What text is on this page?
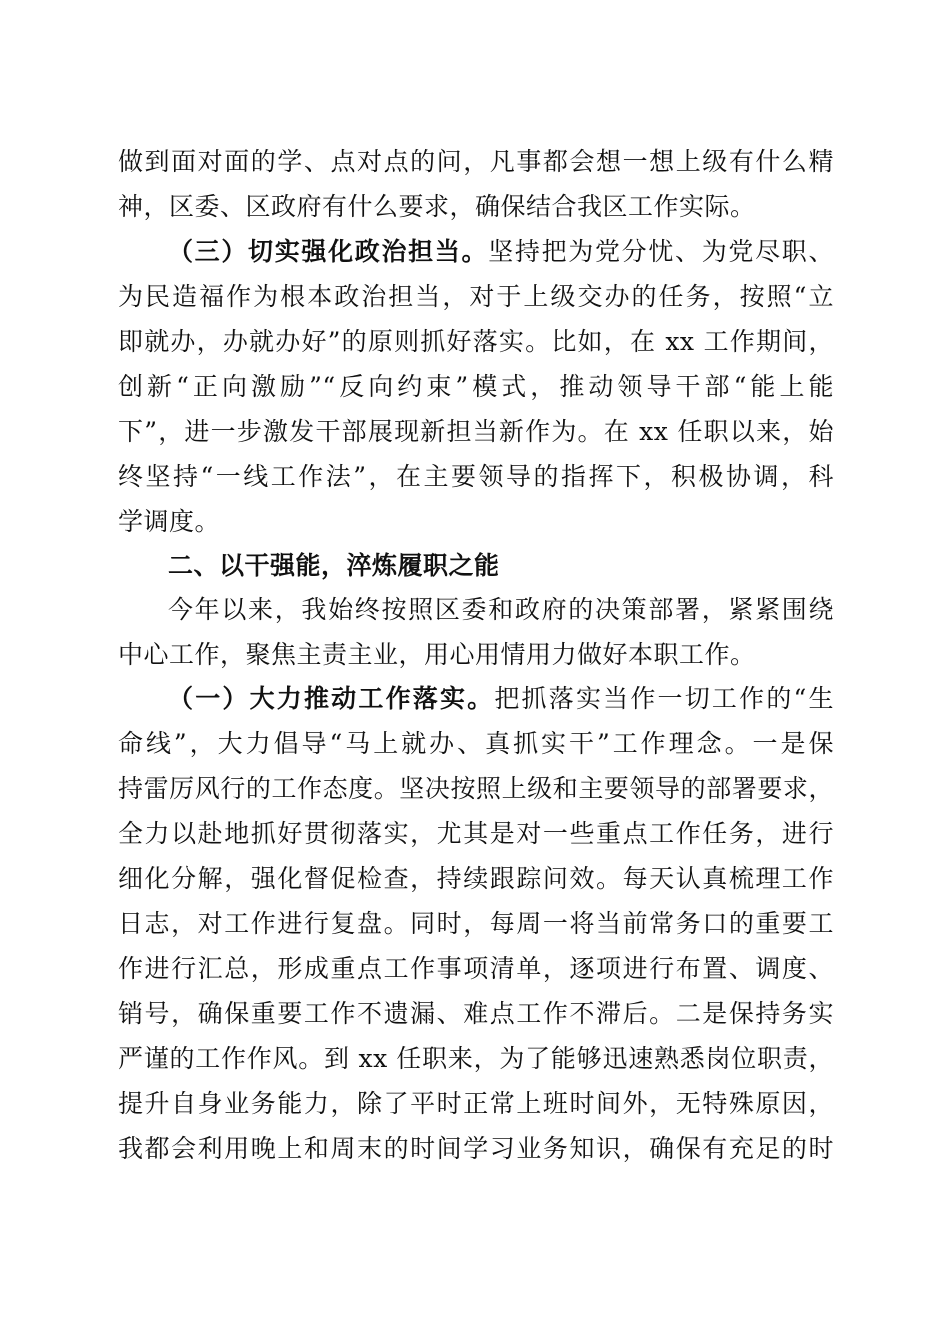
做到面对面的学、点对点的问，凡事都会想一想上级有什么精
神，区委、区政府有什么要求，确保结合我区工作实际。
（三）切实强化政治担当。坚持把为党分忧、为党尽职、
为民造福作为根本政治担当，对于上级交办的任务，按照“立
即就办，办就办好”的原则抓好落实。比如，在 xx 工作期间，
创新“正向激励”“反向约束”模式，推动领导干部“能上能
下”，进一步激发干部展现新担当新作为。在 xx 任职以来，始
终坚持“一线工作法”，在主要领导的指挥下，积极协调，科
学调度。
二、以干强能，淬炼履职之能
今年以来，我始终按照区委和政府的决策部署，紧紧围绕
中心工作，聚焦主责主业，用心用情用力做好本职工作。
（一）大力推动工作落实。把抓落实当作一切工作的“生
命线”，大力倡导“马上就办、真抓实干”工作理念。一是保
持雷厉风行的工作态度。坚决按照上级和主要领导的部署要求，
全力以赴地抓好贯彻落实，尤其是对一些重点工作任务，进行
细化分解，强化督促检查，持续跟踪问效。每天认真梳理工作
日志，对工作进行复盘。同时，每周一将当前常务口的重要工
作进行汇总，形成重点工作事项清单，逐项进行布置、调度、
销号，确保重要工作不遗漏、难点工作不滞后。二是保持务实
严谨的工作作风。到 xx 任职来，为了能够迅速熟悉岗位职责，
提升自身业务能力，除了平时正常上班时间外，无特殊原因，
我都会利用晚上和周末的时间学习业务知识，确保有充足的时
